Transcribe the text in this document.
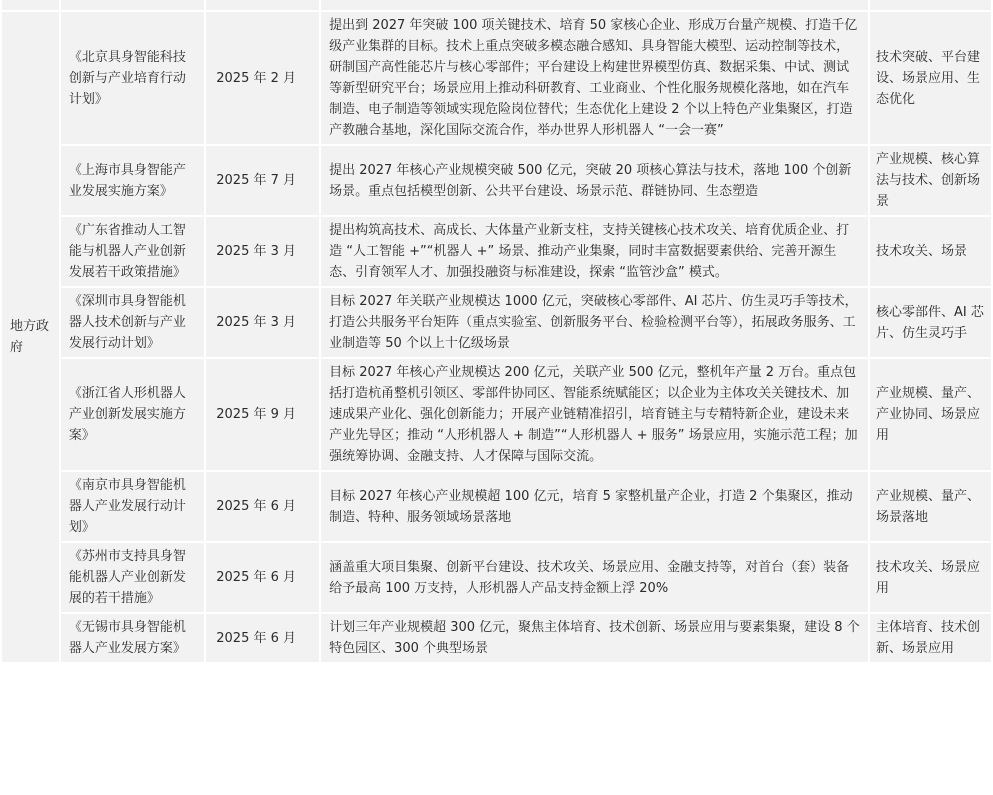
地方政府	《北京具身智能科技创新与产业培育行动计划》	2025 年 2 月	提出到 2027 年突破 100 项关键技术、培育 50 家核心企业、形成万台量产规模、打造千亿级产业集群的目标。技术上重点突破多模态融合感知、具身智能大模型、运动控制等技术，研制国产高性能芯片与核心零部件；平台建设上构建世界模型仿真、数据采集、中试、测试等新型研究平台；场景应用上推动科研教育、工业商业、个性化服务规模化落地，如在汽车制造、电子制造等领域实现危险岗位替代；生态优化上建设 2 个以上特色产业集聚区，打造产教融合基地，深化国际交流合作，举办世界人形机器人 “一会一赛”	技术突破、平台建设、场景应用、生态优化
	《上海市具身智能产业发展实施方案》	2025 年 7 月	提出 2027 年核心产业规模突破 500 亿元，突破 20 项核心算法与技术，落地 100 个创新场景。重点包括模型创新、公共平台建设、场景示范、群链协同、生态塑造	产业规模、核心算法与技术、创新场景
	《广东省推动人工智能与机器人产业创新发展若干政策措施》	2025 年 3 月	提出构筑高技术、高成长、大体量产业新支柱，支持关键核心技术攻关、培育优质企业、打造 “人工智能 +”“机器人 +” 场景、推动产业集聚，同时丰富数据要素供给、完善开源生态、引育领军人才、加强投融资与标准建设，探索 “监管沙盒” 模式。	技术攻关、场景
	《深圳市具身智能机器人技术创新与产业发展行动计划》	2025 年 3 月	目标 2027 年关联产业规模达 1000 亿元，突破核心零部件、AI 芯片、仿生灵巧手等技术，打造公共服务平台矩阵（重点实验室、创新服务平台、检验检测平台等），拓展政务服务、工业制造等 50 个以上十亿级场景	核心零部件、AI 芯片、仿生灵巧手
	《浙江省人形机器人产业创新发展实施方案》	2025 年 9 月	目标 2027 年核心产业规模达 200 亿元，关联产业 500 亿元，整机年产量 2 万台。重点包括打造杭甬整机引领区、零部件协同区、智能系统赋能区；以企业为主体攻关关键技术、加速成果产业化、强化创新能力；开展产业链精准招引，培育链主与专精特新企业，建设未来产业先导区；推动 “人形机器人 + 制造”“人形机器人 + 服务” 场景应用，实施示范工程；加强统筹协调、金融支持、人才保障与国际交流。	产业规模、量产、产业协同、场景应用
	《南京市具身智能机器人产业发展行动计划》	2025 年 6 月	目标 2027 年核心产业规模超 100 亿元，培育 5 家整机量产企业，打造 2 个集聚区，推动制造、特种、服务领域场景落地	产业规模、量产、场景落地
	《苏州市支持具身智能机器人产业创新发展的若干措施》	2025 年 6 月	涵盖重大项目集聚、创新平台建设、技术攻关、场景应用、金融支持等，对首台（套）装备给予最高 100 万支持，人形机器人产品支持金额上浮 20%	技术攻关、场景应用
	《无锡市具身智能机器人产业发展方案》	2025 年 6 月	计划三年产业规模超 300 亿元，聚焦主体培育、技术创新、场景应用与要素集聚，建设 8 个特色园区、300 个典型场景	主体培育、技术创新、场景应用
